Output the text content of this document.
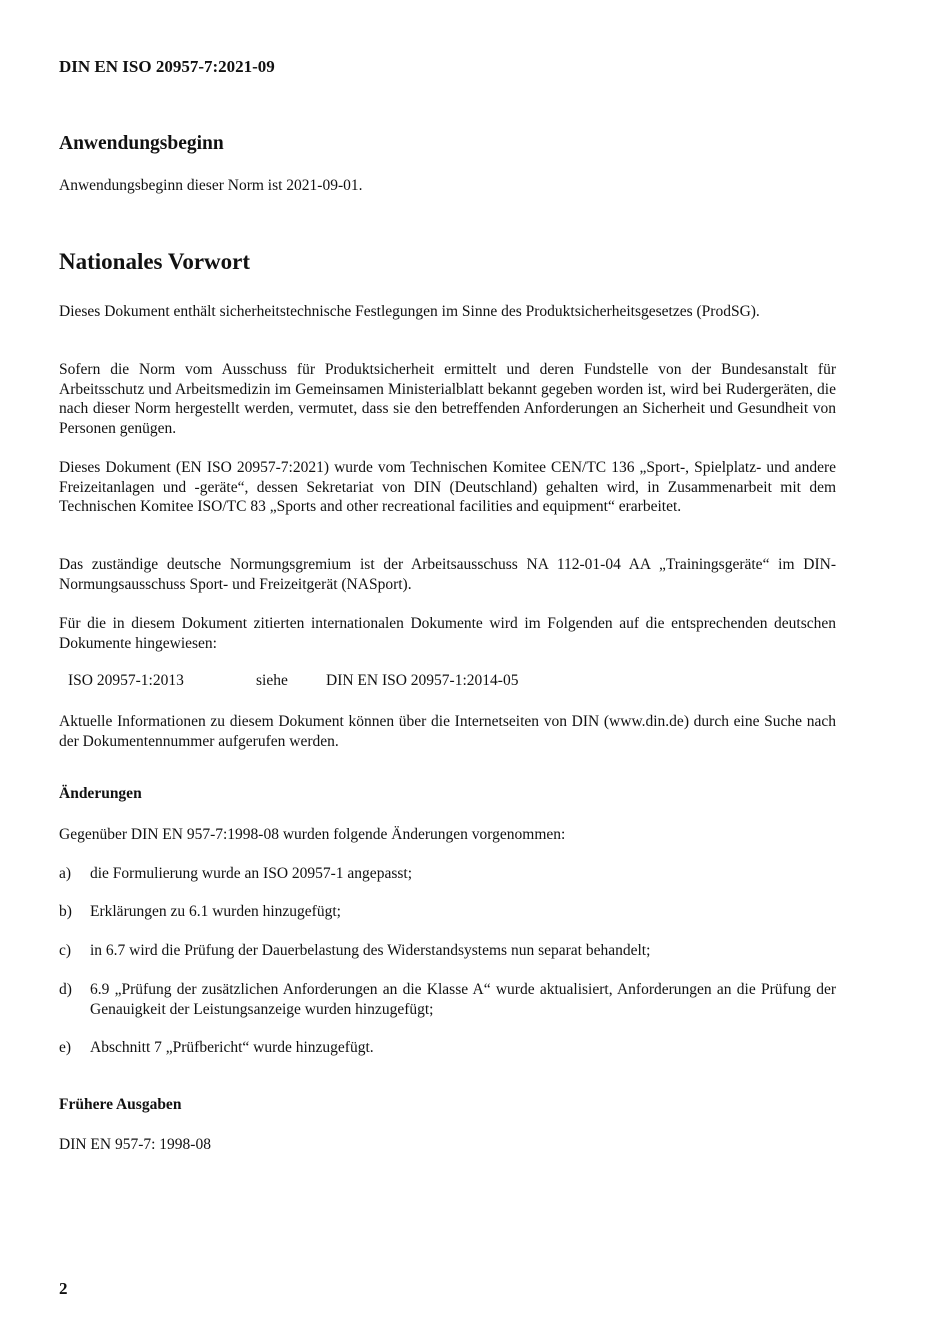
DIN EN ISO 20957-7:2021-09

Anwendungsbeginn

Anwendungsbeginn dieser Norm ist 2021-09-01.

Nationales Vorwort

Dieses Dokument enthält sicherheitstechnische Festlegungen im Sinne des Produktsicherheitsgesetzes (ProdSG).

Sofern die Norm vom Ausschuss für Produktsicherheit ermittelt und deren Fundstelle von der Bundesanstalt für Arbeitsschutz und Arbeitsmedizin im Gemeinsamen Ministerialblatt bekannt gegeben worden ist, wird bei Rudergeräten, die nach dieser Norm hergestellt werden, vermutet, dass sie den betreffenden Anforderungen an Sicherheit und Gesundheit von Personen genügen.

Dieses Dokument (EN ISO 20957-7:2021) wurde vom Technischen Komitee CEN/TC 136 „Sport-, Spielplatz- und andere Freizeitanlagen und -geräte“, dessen Sekretariat von DIN (Deutschland) gehalten wird, in Zusammenarbeit mit dem Technischen Komitee ISO/TC 83 „Sports and other recreational facilities and equipment“ erarbeitet.

Das zuständige deutsche Normungsgremium ist der Arbeitsausschuss NA 112-01-04 AA „Trainingsgeräte“ im DIN-Normungsausschuss Sport- und Freizeitgerät (NASport).

Für die in diesem Dokument zitierten internationalen Dokumente wird im Folgenden auf die entsprechenden deutschen Dokumente hingewiesen:

ISO 20957-1:2013	siehe DIN EN ISO 20957-1:2014-05

Aktuelle Informationen zu diesem Dokument können über die Internetseiten von DIN (www.din.de) durch eine Suche nach der Dokumentennummer aufgerufen werden.

Änderungen

Gegenüber DIN EN 957-7:1998-08 wurden folgende Änderungen vorgenommen:

a) die Formulierung wurde an ISO 20957-1 angepasst;
b) Erklärungen zu 6.1 wurden hinzugefügt;
c) in 6.7 wird die Prüfung der Dauerbelastung des Widerstandsystems nun separat behandelt;
d) 6.9 „Prüfung der zusätzlichen Anforderungen an die Klasse A“ wurde aktualisiert, Anforderungen an die Prüfung der Genauigkeit der Leistungsanzeige wurden hinzugefügt;
e) Abschnitt 7 „Prüfbericht“ wurde hinzugefügt.
Frühere Ausgaben

DIN EN 957-7: 1998-08

2
